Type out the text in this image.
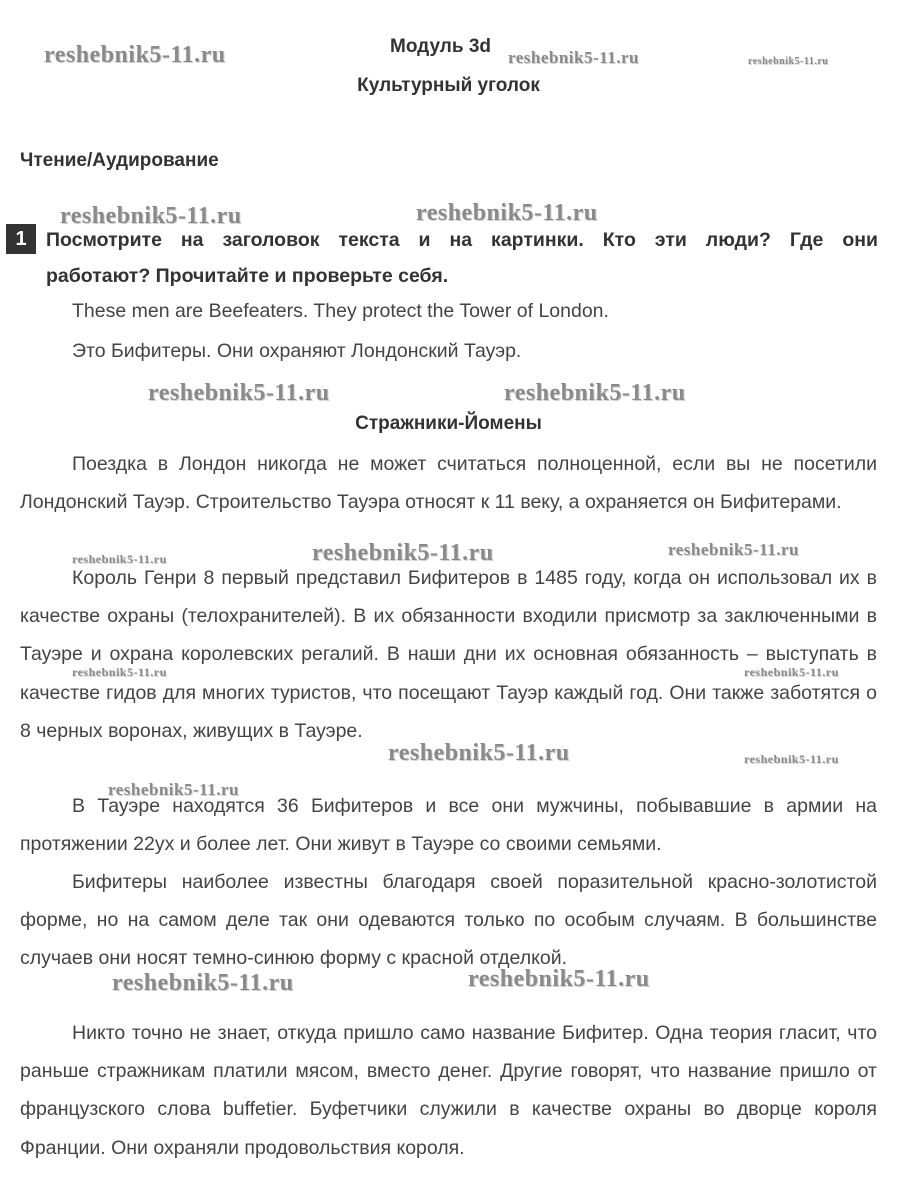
Модуль 3d
Культурный уголок
Чтение/Аудирование
1 Посмотрите на заголовок текста и на картинки. Кто эти люди? Где они
работают? Прочитайте и проверьте себя.
These men are Beefeaters. They protect the Tower of London.
Это Бифитеры. Они охраняют Лондонский Тауэр.
Стражники-Йомены

Поездка в Лондон никогда не может считаться полноценной, если вы не посетили Лондонский Тауэр. Строительство Тауэра относят к 11 веку, а охраняется он Бифитерами.

Король Генри 8 первый представил Бифитеров в 1485 году, когда он использовал их в качестве охраны (телохранителей). В их обязанности входили присмотр за заключенными в Тауэре и охрана королевских регалий. В наши дни их основная обязанность – выступать в качестве гидов для многих туристов, что посещают Тауэр каждый год. Они также заботятся о 8 черных воронах, живущих в Тауэре.

В Тауэре находятся 36 Бифитеров и все они мужчины, побывавшие в армии на протяжении 22ух и более лет. Они живут в Тауэре со своими семьями.

Бифитеры наиболее известны благодаря своей поразительной красно-золотистой форме, но на самом деле так они одеваются только по особым случаям. В большинстве случаев они носят темно-синюю форму с красной отделкой.

Никто точно не знает, откуда пришло само название Бифитер. Одна теория гласит, что раньше стражникам платили мясом, вместо денег. Другие говорят, что название пришло от французского слова buffetier. Буфетчики служили в качестве охраны во дворце короля Франции. Они охраняли продовольствия короля.

reshebnik5-11.ru	reshebnik5-11.ru	reshebnik5-11.ru
reshebnik5-11.ru	reshebnik5-11.ru
reshebnik5-11.ru	reshebnik5-11.ru
reshebnik5-11.ru	reshebnik5-11.ru	reshebnik5-11.ru
reshebnik5-11.ru	reshebnik5-11.ru
reshebnik5-11.ru	reshebnik5-11.ru
reshebnik5-11.ru
reshebnik5-11.ru	reshebnik5-11.ru
